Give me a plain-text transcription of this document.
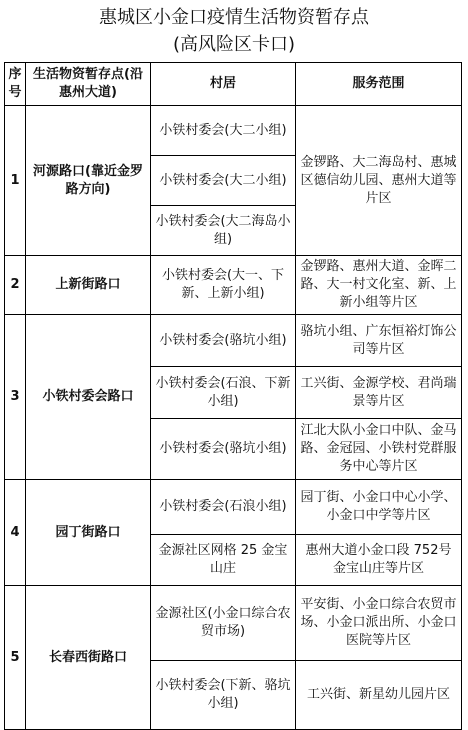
惠城区小金口疫情生活物资暂存点
(高风险区卡口)
序号	生活物资暂存点(沿惠州大道)	村居	服务范围
1	河源路口(靠近金罗路方向)	小铁村委会(大二小组)	金锣路、大二海岛村、惠城区德信幼儿园、惠州大道等片区
		小铁村委会(大二小组)	
		小铁村委会(大二海岛小组)	
2	上新街路口	小铁村委会(大一、下新、上新小组)	金锣路、惠州大道、金晖二路、大一村文化室、新、上新小组等片区
3	小铁村委会路口	小铁村委会(骆坑小组)	骆坑小组、广东恒裕灯饰公司等片区
		小铁村委会(石浪、下新小组)	工兴街、金源学校、君尚瑞景等片区
		小铁村委会(骆坑小组)	江北大队小金口中队、金马路、金冠园、小铁村党群服务中心等片区
4	园丁街路口	小铁村委会(石浪小组)	园丁街、小金口中心小学、小金口中学等片区
		金源社区网格 25 金宝山庄	惠州大道小金口段 752号金宝山庄等片区
5	长春西街路口	金源社区(小金口综合农贸市场)	平安街、小金口综合农贸市场、小金口派出所、小金口医院等片区
		小铁村委会(下新、骆坑小组)	工兴街、新星幼儿园片区
